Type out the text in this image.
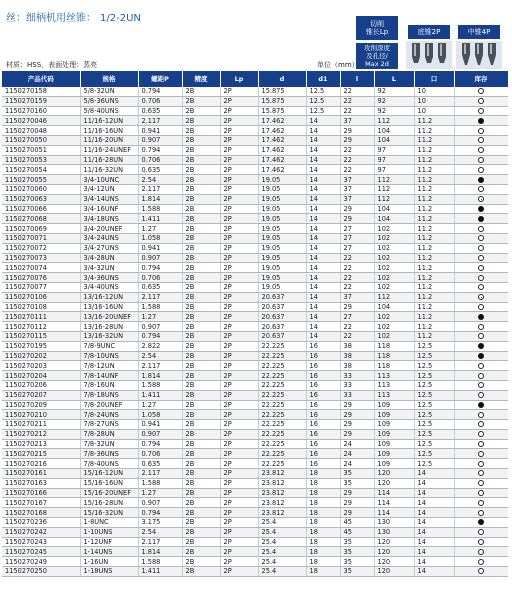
丝：细柄机用丝锥： 1/2-2UN	切削
锥长Lp	底锥2P	中锥4P
攻削深度
及孔径/
Max 2d
材质：HSS，表面处理：蒸亮	单位（mm）
产品代码	规格	螺距P	精度	Lp	d	d1	l	L	口	库存
1150270158	5/8-32UN	0.794	2B	2P	15.875	12.5	22	92	10	
1150270159	5/8-36UNS	0.706	2B	2P	15.875	12.5	22	92	10	
1150270160	5/8-40UNS	0.635	2B	2P	15.875	12.5	22	92	10	
1150270046	11/16-12UN	2.117	2B	2P	17.462	14	37	112	11.2	
1150270048	11/16-16UN	0.941	2B	2P	17.462	14	29	104	11.2	
1150270050	11/16-20UN	0.907	2B	2P	17.462	14	29	104	11.2	
1150270051	11/16-24UNEF	0.794	2B	2P	17.462	14	22	97	11.2	
1150270053	11/16-28UN	0.706	2B	2P	17.462	14	22	97	11.2	
1150270054	11/16-32UN	0.635	2B	2P	17.462	14	22	97	11.2	
1150270055	3/4-10UNC	2.54	2B	2P	19.05	14	37	112	11.2	
1150270060	3/4-12UN	2.117	2B	2P	19.05	14	37	112	11.2	
1150270063	3/4-14UNS	1.814	2B	2P	19.05	14	37	112	11.2	
1150270066	3/4-16UNF	1.588	2B	2P	19.05	14	29	104	11.2	
1150270068	3/4-18UNS	1.411	2B	2P	19.05	14	29	104	11.2	
1150270069	3/4-20UNEF	1.27	2B	2P	19.05	14	27	102	11.2	
1150270071	3/4-24UNS	1.058	2B	2P	19.05	14	27	102	11.2	
1150270072	3/4-27UNS	0.941	2B	2P	19.05	14	27	102	11.2	
1150270073	3/4-28UN	0.907	2B	2P	19.05	14	22	102	11.2	
1150270074	3/4-32UN	0.794	2B	2P	19.05	14	22	102	11.2	
1150270076	3/4-36UNS	0.706	2B	2P	19.05	14	22	102	11.2	
1150270077	3/4-40UNS	0.635	2B	2P	19.05	14	22	102	11.2	
1150270106	13/16-12UN	2.117	2B	2P	20.637	14	37	112	11.2	
1150270108	13/16-16UN	1.588	2B	2P	20.637	14	29	104	11.2	
1150270111	13/16-20UNEF	1.27	2B	2P	20.637	14	27	102	11.2	
1150270112	13/16-28UN	0.907	2B	2P	20.637	14	22	102	11.2	
1150270115	13/16-32UN	0.794	2B	2P	20.637	14	22	102	11.2	
1150270195	7/8-9UNC	2.822	2B	2P	22.225	16	38	118	12.5	
1150270202	7/8-10UNS	2.54	2B	2P	22.225	16	38	118	12.5	
1150270203	7/8-12UN	2.117	2B	2P	22.225	16	38	118	12.5	
1150270204	7/8-14UNF	1.814	2B	2P	22.225	16	33	113	12.5	
1150270206	7/8-16UN	1.588	2B	2P	22.225	16	33	113	12.5	
1150270207	7/8-18UNS	1.411	2B	2P	22.225	16	33	113	12.5	
1150270209	7/8-20UNEF	1.27	2B	2P	22.225	16	29	109	12.5	
1150270210	7/8-24UNS	1.058	2B	2P	22.225	16	29	109	12.5	
1150270211	7/8-27UNS	0.941	2B	2P	22.225	16	29	109	12.5	
1150270212	7/8-28UN	0.907	2B	2P	22.225	16	29	109	12.5	
1150270213	7/8-32UN	0.794	2B	2P	22.225	16	24	109	12.5	
1150270215	7/8-36UNS	0.706	2B	2P	22.225	16	24	109	12.5	
1150270216	7/8-40UNS	0.635	2B	2P	22.225	16	24	109	12.5	
1150270161	15/16-12UN	2.117	2B	2P	23.812	18	35	120	14	
1150270163	15/16-16UN	1.588	2B	2P	23.812	18	35	120	14	
1150270166	15/16-20UNEF	1.27	2B	2P	23.812	18	29	114	14	
1150270167	15/16-28UN	0.907	2B	2P	23.812	18	29	114	14	
1150270168	15/16-32UN	0.794	2B	2P	23.812	18	29	114	14	
1150270236	1-8UNC	3.175	2B	2P	25.4	18	45	130	14	
1150270242	1-10UNS	2.54	2B	2P	25.4	18	45	130	14	
1150270243	1-12UNF	2.117	2B	2P	25.4	18	35	120	14	
1150270245	1-14UNS	1.814	2B	2P	25.4	18	35	120	14	
1150270249	1-16UN	1.588	2B	2P	25.4	18	35	120	14	
1150270250	1-18UNS	1.411	2B	2P	25.4	18	35	120	14	
